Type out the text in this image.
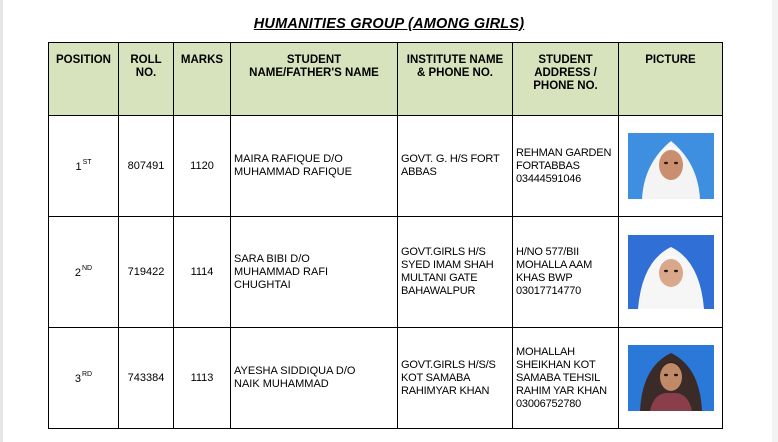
HUMANITIES GROUP (AMONG GIRLS)
POSITION	ROLL
NO.	MARKS	STUDENT
NAME/FATHER'S NAME	INSTITUTE NAME
& PHONE NO.	STUDENT
ADDRESS /
PHONE NO.	PICTURE
1ST	807491	1120	MAIRA RAFIQUE D/O
MUHAMMAD RAFIQUE	GOVT. G. H/S FORT
ABBAS	REHMAN GARDEN
FORTABBAS
03444591046	

2ND	719422	1114	SARA BIBI D/O
MUHAMMAD RAFI
CHUGHTAI	GOVT.GIRLS H/S
SYED IMAM SHAH
MULTANI GATE
BAHAWALPUR	H/NO 577/BII
MOHALLA AAM
KHAS BWP
03017714770	

3RD	743384	1113	AYESHA SIDDIQUA D/O
NAIK MUHAMMAD	GOVT.GIRLS H/S/S
KOT SAMABA
RAHIMYAR KHAN	MOHALLAH
SHEIKHAN KOT
SAMABA TEHSIL
RAHIM YAR KHAN
03006752780	
